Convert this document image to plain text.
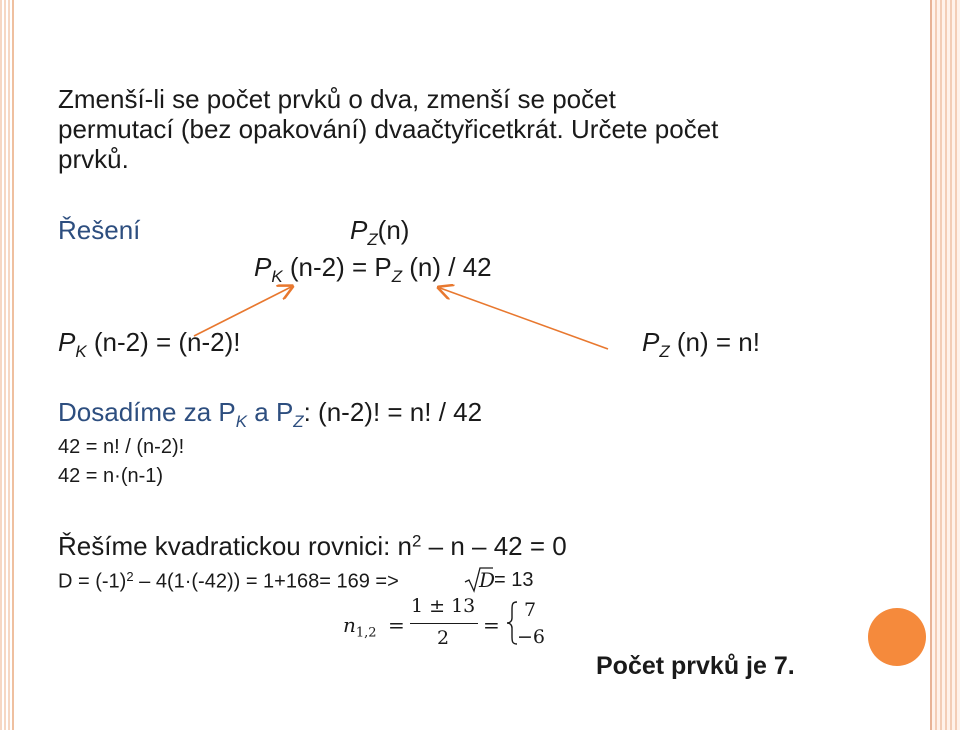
Zmenší-li se počet prvků o dva, zmenší se počet
permutací (bez opakování) dvaačtyřicetkrát. Určete počet
prvků.
Řešení	$P_Z(n)$
$P_K$ $(n-2) = P_Z$ (n) / 42
$P_K$ (n-2) = (n-2)!	$P_Z$ (n) = n!
Dosadíme za $P_K$ a $P_Z$: (n-2)! = n! / 42
42 = n! / (n-2)!
42 = n·(n-1)
Řešíme kvadratickou rovnici: $n^2 - n - 42 = 0$
$D = (-1)^2 - 4(1\cdot(-42)) = 1+168= 169$ =>	D
= 13
$n_{1,2}$ =
1 ± 13
2
=
7
−6
Počet prvků je 7.
